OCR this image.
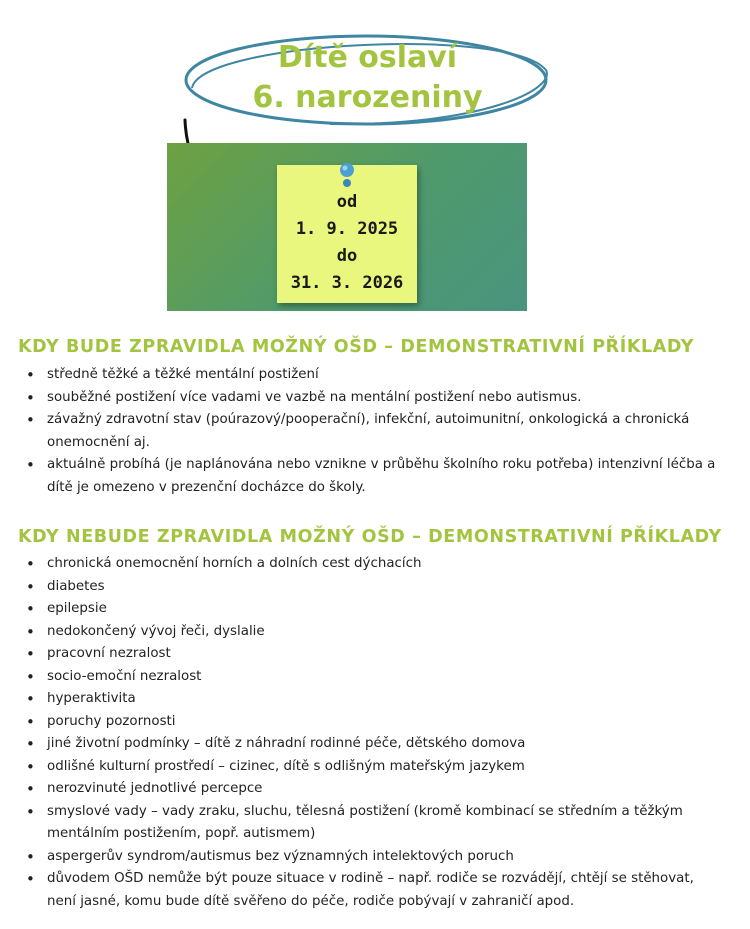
Dítě oslaví
6. narozeniny
od
1. 9. 2025
do
31. 3. 2026
KDY BUDE ZPRAVIDLA MOŽNÝ OŠD – DEMONSTRATIVNÍ PŘÍKLADY
• středně těžké a těžké mentální postižení
• souběžné postižení více vadami ve vazbě na mentální postižení nebo autismus.
• závažný zdravotní stav (poúrazový/pooperační), infekční, autoimunitní, onkologická a chronická onemocnění aj.
• aktuálně probíhá (je naplánována nebo vznikne v průběhu školního roku potřeba) intenzivní léčba a dítě je omezeno v prezenční docházce do školy.
KDY NEBUDE ZPRAVIDLA MOŽNÝ OŠD – DEMONSTRATIVNÍ PŘÍKLADY
• chronická onemocnění horních a dolních cest dýchacích
• diabetes
• epilepsie
• nedokončený vývoj řeči, dyslalie
• pracovní nezralost
• socio-emoční nezralost
• hyperaktivita
• poruchy pozornosti
• jiné životní podmínky – dítě z náhradní rodinné péče, dětského domova
• odlišné kulturní prostředí – cizinec, dítě s odlišným mateřským jazykem
• nerozvinuté jednotlivé percepce
• smyslové vady – vady zraku, sluchu, tělesná postižení (kromě kombinací se středním a těžkým mentálním postižením, popř. autismem)
• aspergerův syndrom/autismus bez významných intelektových poruch
• důvodem OŠD nemůže být pouze situace v rodině – např. rodiče se rozvádějí, chtějí se stěhovat, není jasné, komu bude dítě svěřeno do péče, rodiče pobývají v zahraničí apod.
